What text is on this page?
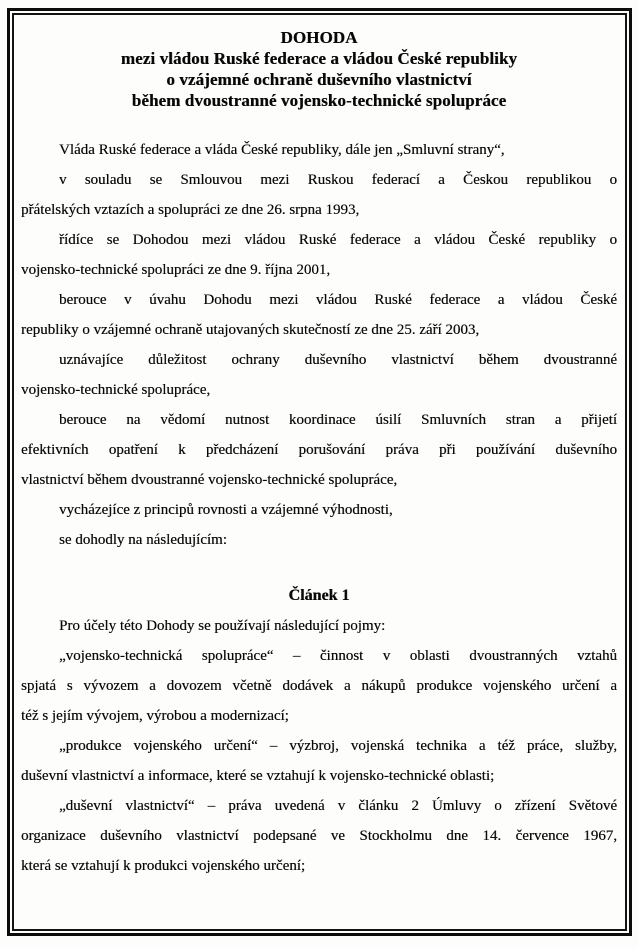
DOHODA
mezi vládou Ruské federace a vládou České republiky
o vzájemné ochraně duševního vlastnictví
během dvoustranné vojensko-technické spolupráce
Vláda Ruské federace a vláda České republiky, dále jen „Smluvní strany“,
v souladu se Smlouvou mezi Ruskou federací a Českou republikou o
přátelských vztazích a spolupráci ze dne 26. srpna 1993,
řídíce se Dohodou mezi vládou Ruské federace a vládou České republiky o
vojensko-technické spolupráci ze dne 9. října 2001,
berouce v úvahu Dohodu mezi vládou Ruské federace a vládou České
republiky o vzájemné ochraně utajovaných skutečností ze dne 25. září 2003,
uznávajíce důležitost ochrany duševního vlastnictví během dvoustranné
vojensko-technické spolupráce,
berouce na vědomí nutnost koordinace úsilí Smluvních stran a přijetí
efektivních opatření k předcházení porušování práva při používání duševního
vlastnictví během dvoustranné vojensko-technické spolupráce,
vycházejíce z principů rovnosti a vzájemné výhodnosti,
se dohodly na následujícím:
Článek 1
Pro účely této Dohody se používají následující pojmy:
„vojensko-technická spolupráce“ – činnost v oblasti dvoustranných vztahů
spjatá s vývozem a dovozem včetně dodávek a nákupů produkce vojenského určení a
též s jejím vývojem, výrobou a modernizací;
„produkce vojenského určení“ – výzbroj, vojenská technika a též práce, služby,
duševní vlastnictví a informace, které se vztahují k vojensko-technické oblasti;
„duševní vlastnictví“ – práva uvedená v článku 2 Úmluvy o zřízení Světové
organizace duševního vlastnictví podepsané ve Stockholmu dne 14. července 1967,
která se vztahují k produkci vojenského určení;
